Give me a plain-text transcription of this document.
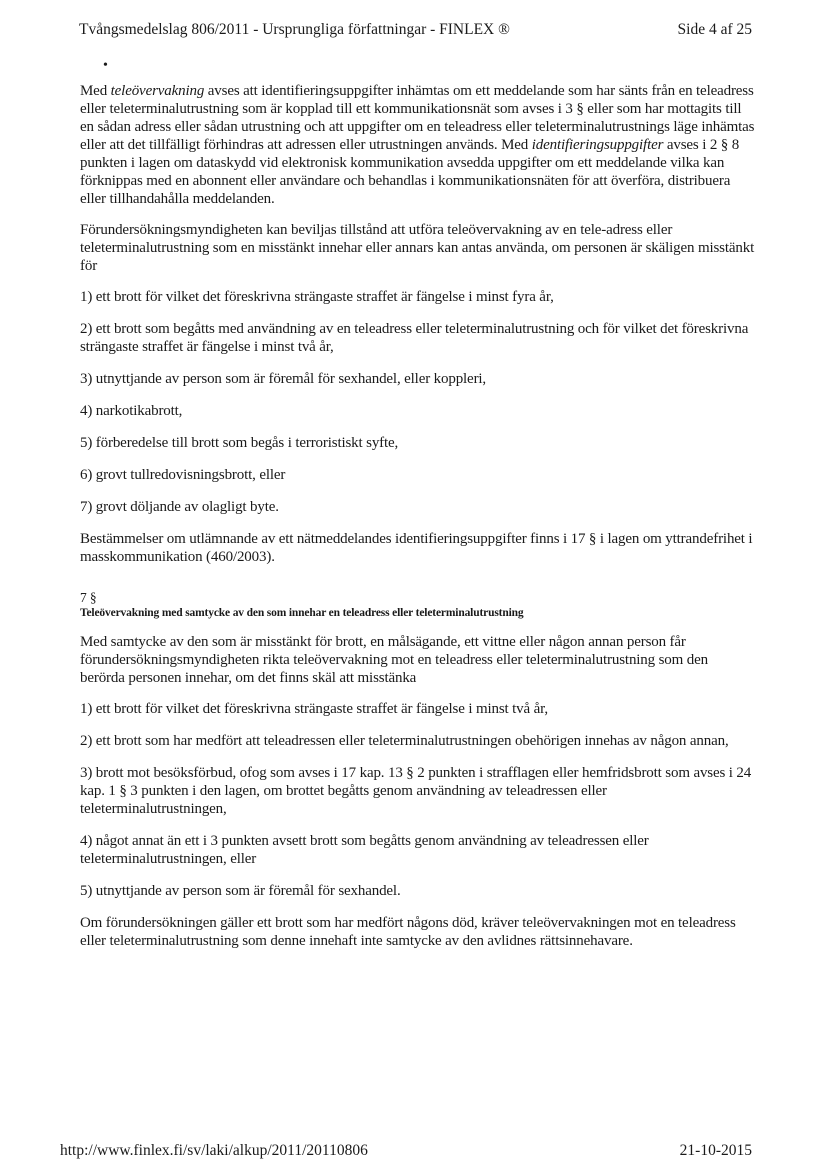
Tvångsmedelslag 806/2011 - Ursprungliga författningar - FINLEX ®	Side 4 af 25
•

Med teleövervakning avses att identifieringsuppgifter inhämtas om ett meddelande som har sänts från en teleadress eller teleterminalutrustning som är kopplad till ett kommunikationsnät som avses i 3 § eller som har mottagits till en sådan adress eller sådan utrustning och att uppgifter om en teleadress eller teleterminalutrustnings läge inhämtas eller att det tillfälligt förhindras att adressen eller utrustningen används. Med identifieringsuppgifter avses i 2 § 8 punkten i lagen om dataskydd vid elektronisk kommunikation avsedda uppgifter om ett meddelande vilka kan förknippas med en abonnent eller användare och behandlas i kommunikationsnäten för att överföra, distribuera eller tillhandahålla meddelanden.

Förundersökningsmyndigheten kan beviljas tillstånd att utföra teleövervakning av en tele-adress eller teleterminalutrustning som en misstänkt innehar eller annars kan antas använda, om personen är skäligen misstänkt för

1) ett brott för vilket det föreskrivna strängaste straffet är fängelse i minst fyra år,

2) ett brott som begåtts med användning av en teleadress eller teleterminalutrustning och för vilket det föreskrivna strängaste straffet är fängelse i minst två år,

3) utnyttjande av person som är föremål för sexhandel, eller koppleri,

4) narkotikabrott,

5) förberedelse till brott som begås i terroristiskt syfte,

6) grovt tullredovisningsbrott, eller

7) grovt döljande av olagligt byte.

Bestämmelser om utlämnande av ett nätmeddelandes identifieringsuppgifter finns i 17 § i lagen om yttrandefrihet i masskommunikation (460/2003).

7 §
Teleövervakning med samtycke av den som innehar en teleadress eller teleterminalutrustning

Med samtycke av den som är misstänkt för brott, en målsägande, ett vittne eller någon annan person får förundersökningsmyndigheten rikta teleövervakning mot en teleadress eller teleterminalutrustning som den berörda personen innehar, om det finns skäl att misstänka

1) ett brott för vilket det föreskrivna strängaste straffet är fängelse i minst två år,

2) ett brott som har medfört att teleadressen eller teleterminalutrustningen obehörigen innehas av någon annan,

3) brott mot besöksförbud, ofog som avses i 17 kap. 13 § 2 punkten i strafflagen eller hemfridsbrott som avses i 24 kap. 1 § 3 punkten i den lagen, om brottet begåtts genom användning av teleadressen eller teleterminalutrustningen,

4) något annat än ett i 3 punkten avsett brott som begåtts genom användning av teleadressen eller teleterminalutrustningen, eller

5) utnyttjande av person som är föremål för sexhandel.

Om förundersökningen gäller ett brott som har medfört någons död, kräver teleövervakningen mot en teleadress eller teleterminalutrustning som denne innehaft inte samtycke av den avlidnes rättsinnehavare.

http://www.finlex.fi/sv/laki/alkup/2011/20110806	21-10-2015
